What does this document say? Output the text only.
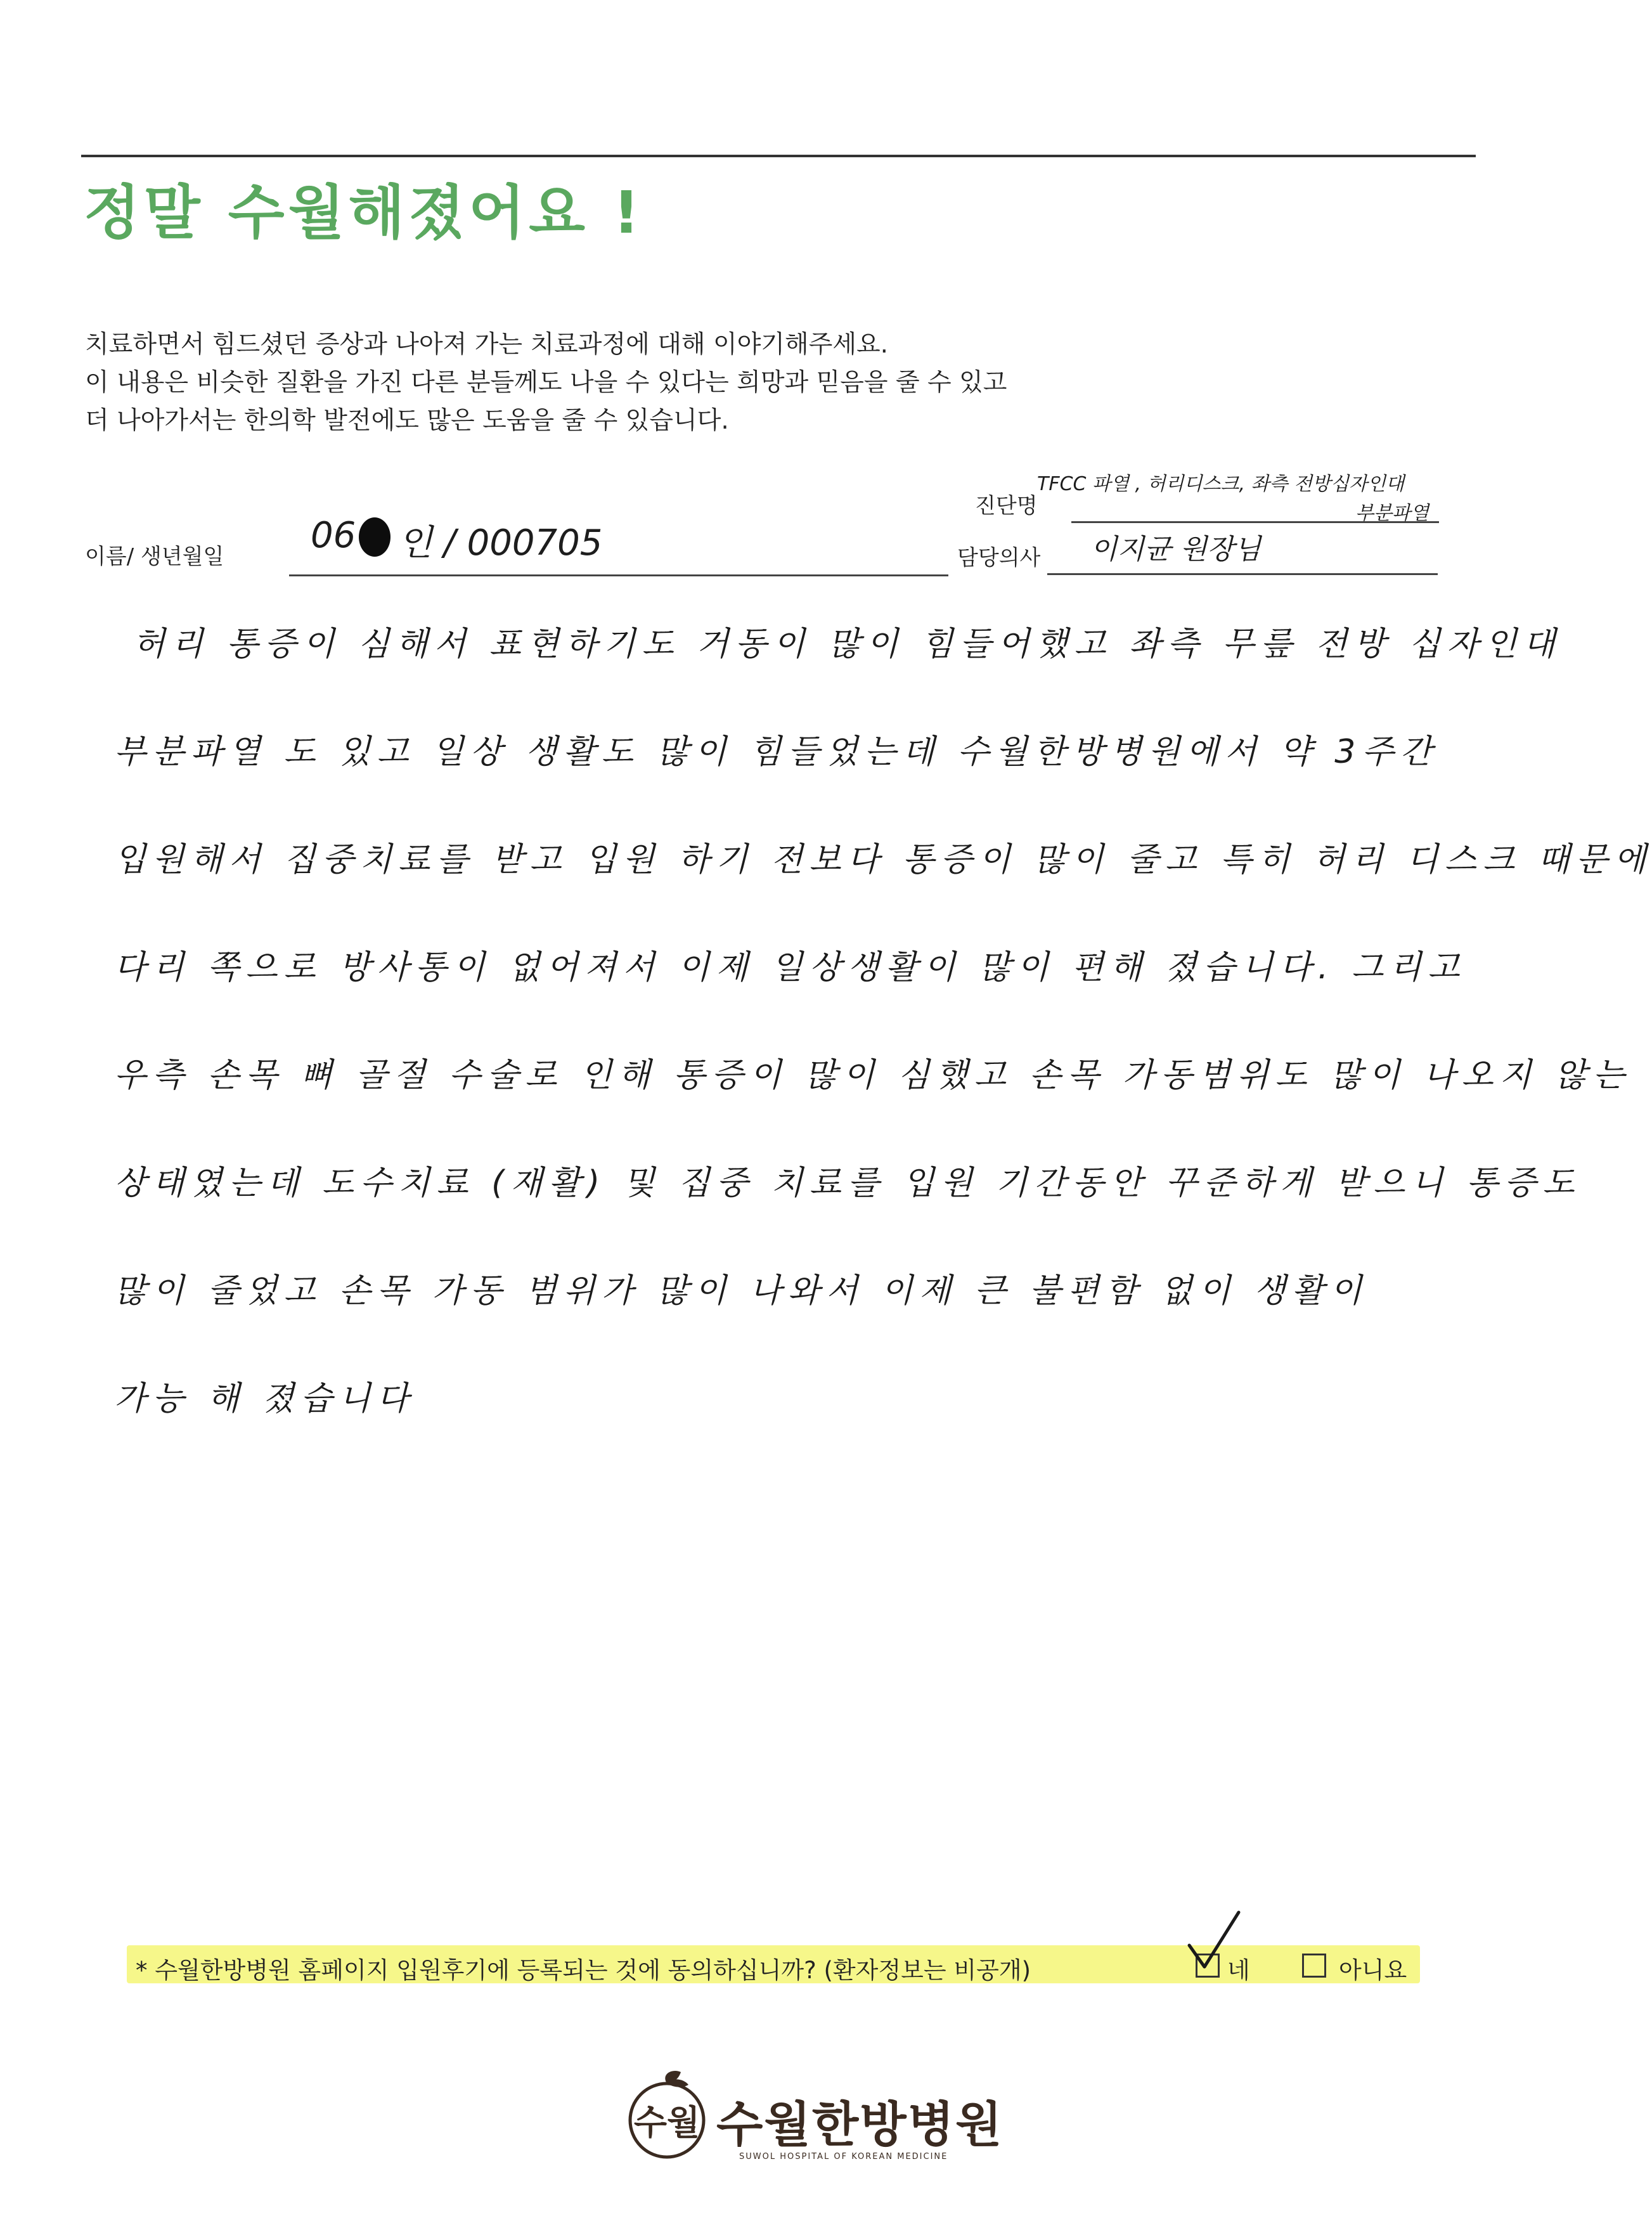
정말 수월해졌어요 !
치료하면서 힘드셨던 증상과 나아져 가는 치료과정에 대해 이야기해주세요.
이 내용은 비슷한 질환을 가진 다른 분들께도 나을 수 있다는 희망과 믿음을 줄 수 있고
더 나아가서는 한의학 발전에도 많은 도움을 줄 수 있습니다.
이름/ 생년월일
06 인 / 000705
진단명
TFCC 파열 , 허리디스크, 좌측 전방십자인대
부분파열
담당의사 이지균 원장님
허리 통증이 심해서 표현하기도 거동이 많이 힘들어했고 좌측 무릎 전방 십자인대
부분파열 도 있고 일상 생활도 많이 힘들었는데 수월한방병원에서 약 3주간
입원해서 집중치료를 받고 입원 하기 전보다 통증이 많이 줄고 특히 허리 디스크 때문에
다리 쪽으로 방사통이 없어져서 이제 일상생활이 많이 편해 졌습니다. 그리고
우측 손목 뼈 골절 수술로 인해 통증이 많이 심했고 손목 가동범위도 많이 나오지 않는
상태였는데 도수치료 (재활) 및 집중 치료를 입원 기간동안 꾸준하게 받으니 통증도
많이 줄었고 손목 가동 범위가 많이 나와서 이제 큰 불편함 없이 생활이
가능 해 졌습니다
* 수월한방병원 홈페이지 입원후기에 등록되는 것에 동의하십니까? (환자정보는 비공개)	네	아니요
수월 수월한방병원
SUWOL HOSPITAL OF KOREAN MEDICINE
